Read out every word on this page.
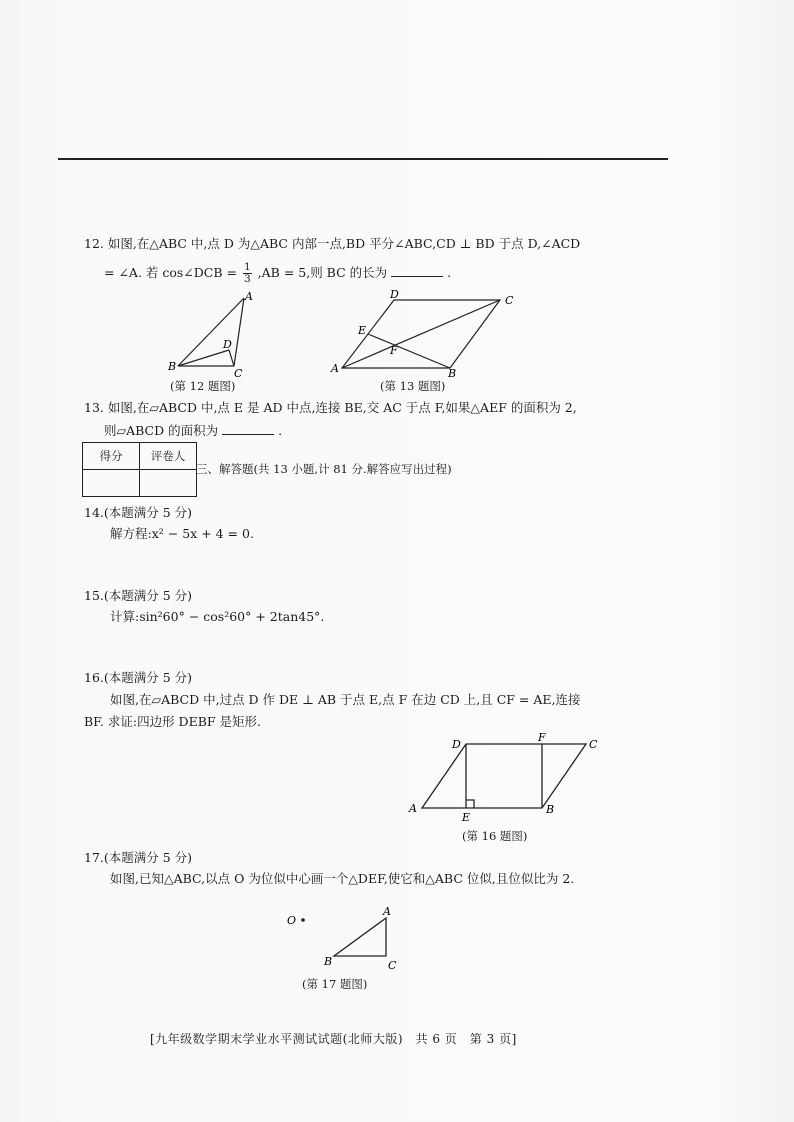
12. 如图,在△ABC 中,点 D 为△ABC 内部一点,BD 平分∠ABC,CD ⊥ BD 于点 D,∠ACD
= ∠A. 若 cos∠DCB = $\frac{1}{3} ,AB = 5$,则 BC 的长为	.
A
B
C
D
(第 12 题图)
A	B
C
D
E
F
(第 13 题图)
13. 如图,在▱ABCD 中,点 E 是 AD 中点,连接 BE,交 AC 于点 F,如果△AEF 的面积为 2,
则▱ABCD 的面积为	.
得分	评卷人

三、解答题(共 13 小题,计 81 分.解答应写出过程)
14.(本题满分 5 分)
解方程:x² − 5x + 4 = 0.
15.(本题满分 5 分)
计算:sin²60° − cos²60° + 2tan45°.
16.(本题满分 5 分)
如图,在▱ABCD 中,过点 D 作 DE ⊥ AB 于点 E,点 F 在边 CD 上,且 CF = AE,连接
BF. 求证:四边形 DEBF 是矩形.
A	B
C
D
E
F
(第 16 题图)
17.(本题满分 5 分)
如图,已知△ABC,以点 O 为位似中心画一个△DEF,使它和△ABC 位似,且位似比为 2.
O
A
B	C
(第 17 题图)
[九年级数学期末学业水平测试试题(北师大版)　共 6 页　第 3 页]
